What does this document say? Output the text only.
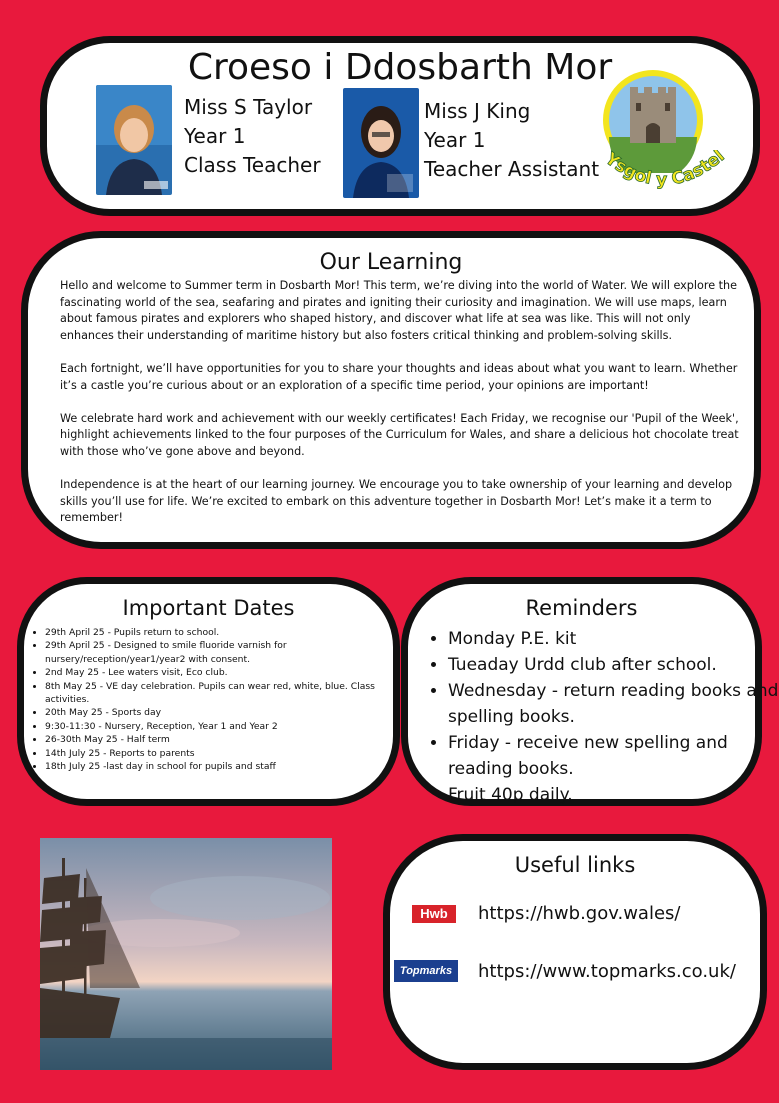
Croeso i Ddosbarth Mor
Miss S Taylor
Year 1
Class Teacher
Miss J King
Year 1
Teacher Assistant Ysgol y Castel
Our Learning

Hello and welcome to Summer term in Dosbarth Mor! This term, we’re diving into the world of Water. We will explore the fascinating world of the sea, seafaring and pirates and igniting their curiosity and imagination. We will use maps, learn about famous pirates and explorers who shaped history, and discover what life at sea was like. This will not only enhances their understanding of maritime history but also fosters critical thinking and problem-solving skills.

Each fortnight, we’ll have opportunities for you to share your thoughts and ideas about what you want to learn. Whether it’s a castle you’re curious about or an exploration of a specific time period, your opinions are important!

We celebrate hard work and achievement with our weekly certificates! Each Friday, we recognise our 'Pupil of the Week', highlight achievements linked to the four purposes of the Curriculum for Wales, and share a delicious hot chocolate treat with those who’ve gone above and beyond.

Independence is at the heart of our learning journey. We encourage you to take ownership of your learning and develop skills you’ll use for life. We’re excited to embark on this adventure together in Dosbarth Mor! Let’s make it a term to remember!

Important Dates
• 29th April 25 - Pupils return to school.
• 29th April 25 - Designed to smile fluoride varnish for nursery/reception/year1/year2 with consent.
• 2nd May 25 - Lee waters visit, Eco club.
• 8th May 25 - VE day celebration. Pupils can wear red, white, blue. Class activities.
• 20th May 25 - Sports day
• 9:30-11:30 - Nursery, Reception, Year 1 and Year 2
• 26-30th May 25 - Half term
• 14th July 25 - Reports to parents
• 18th July 25 -last day in school for pupils and staff
Reminders
• Monday P.E. kit
• Tueaday Urdd club after school.
• Wednesday - return reading books and spelling books.
• Friday - receive new spelling and reading books.
Fruit 40p daily.
Useful links
Hwb	https://hwb.gov.wales/
Topmarks	https://www.topmarks.co.uk/
